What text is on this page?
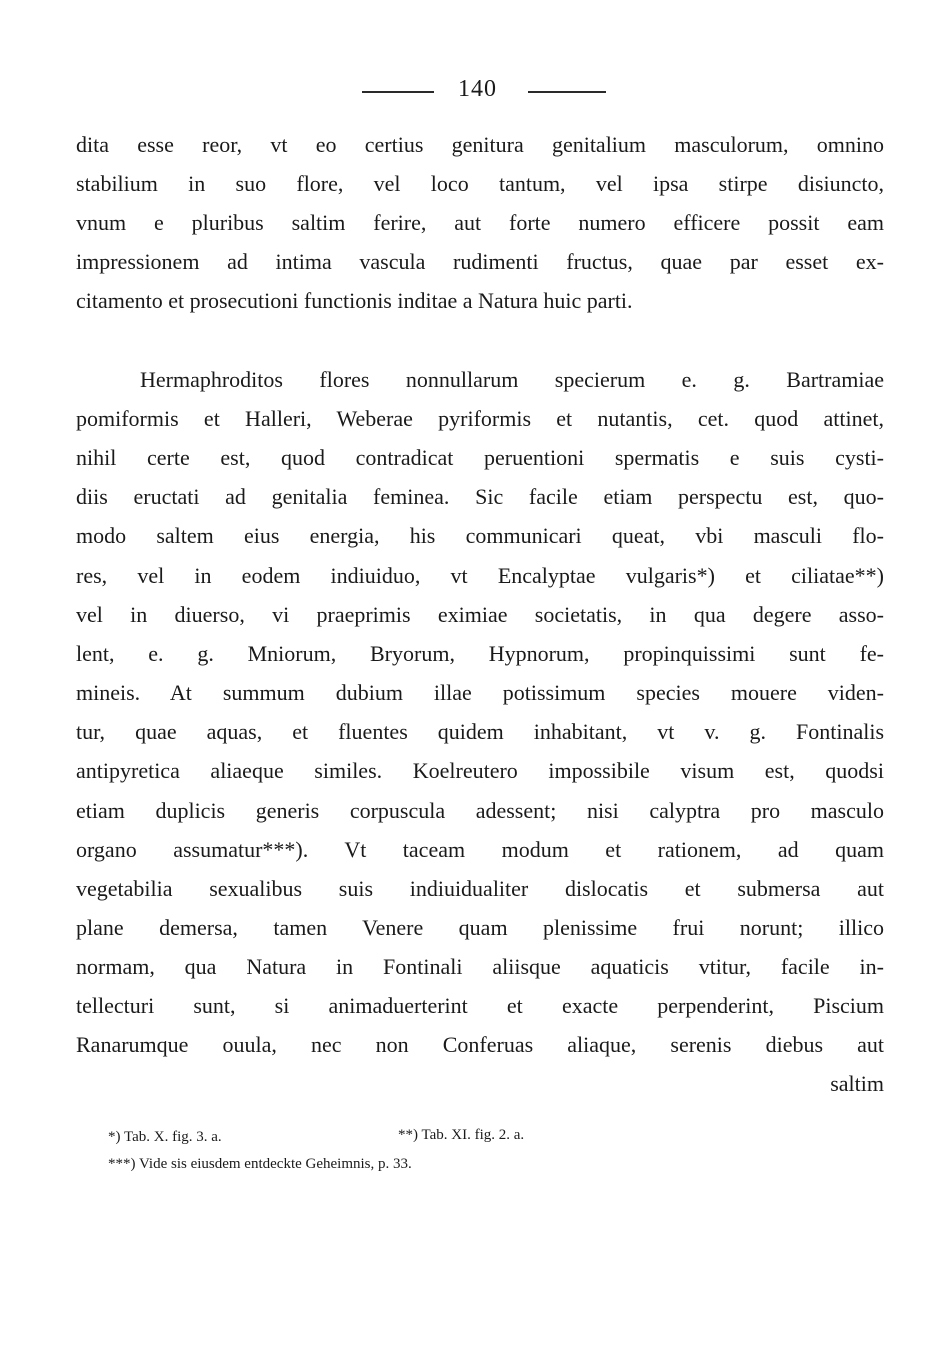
140
dita esse reor, vt eo certius genitura genitalium masculorum, omnino
stabilium in suo flore, vel loco tantum, vel ipsa stirpe disiuncto,
vnum e pluribus saltim ferire, aut forte numero efficere possit eam
impressionem ad intima vascula rudimenti fructus, quae par esset ex-
citamento et prosecutioni functionis inditae a Natura huic parti.
Hermaphroditos flores nonnullarum specierum e. g. Bartramiae
pomiformis et Halleri, Weberae pyriformis et nutantis, cet. quod attinet,
nihil certe est, quod contradicat peruentioni spermatis e suis cysti-
diis eructati ad genitalia feminea. Sic facile etiam perspectu est, quo-
modo saltem eius energia, his communicari queat, vbi masculi flo-
res, vel in eodem indiuiduo, vt Encalyptae vulgaris*) et ciliatae**)
vel in diuerso, vi praeprimis eximiae societatis, in qua degere asso-
lent, e. g. Mniorum, Bryorum, Hypnorum, propinquissimi sunt fe-
mineis. At summum dubium illae potissimum species mouere viden-
tur, quae aquas, et fluentes quidem inhabitant, vt v. g. Fontinalis
antipyretica aliaeque similes. Koelreutero impossibile visum est, quodsi
etiam duplicis generis corpuscula adessent; nisi calyptra pro masculo
organo assumatur***). Vt taceam modum et rationem, ad quam
vegetabilia sexualibus suis indiuidualiter dislocatis et submersa aut
plane demersa, tamen Venere quam plenissime frui norunt; illico
normam, qua Natura in Fontinali aliisque aquaticis vtitur, facile in-
tellecturi sunt, si animaduerterint et exacte perpenderint, Piscium
Ranarumque ouula, nec non Conferuas aliaque, serenis diebus aut
saltim
*) Tab. X. fig. 3. a.	**) Tab. XI. fig. 2. a.
***) Vide sis eiusdem entdeckte Geheimnis, p. 33.
